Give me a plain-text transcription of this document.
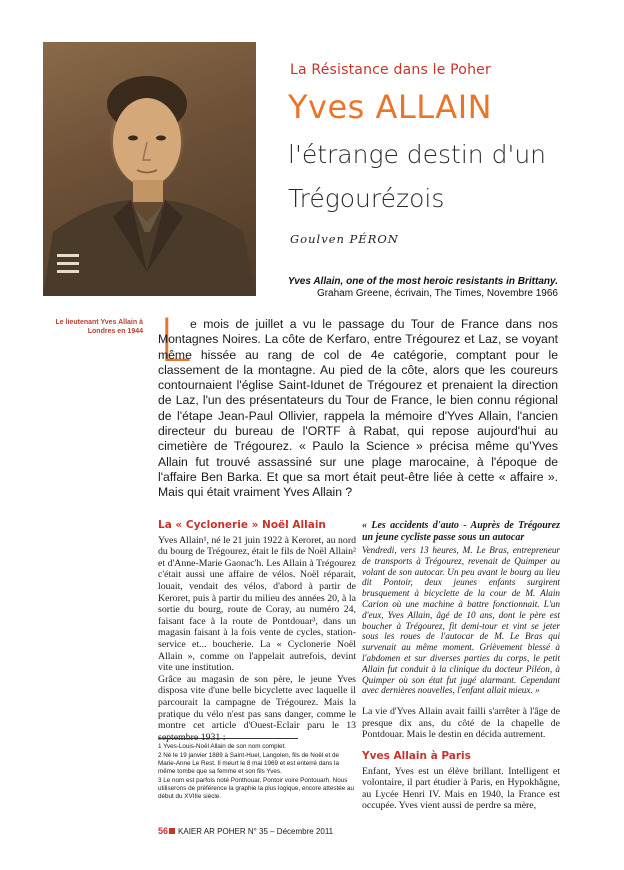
La Résistance dans le Poher
Yves ALLAIN
l'étrange destin d'un
Trégourézois
Goulven PÉRON
Yves Allain, one of the most heroic resistants in Brittany.
Graham Greene, écrivain, The Times, Novembre 1966
Le lieutenant Yves Allain à Londres en 1944 L
e mois de juillet a vu le passage du Tour de France dans nos Montagnes Noires. La côte de Kerfaro, entre Trégourez et Laz, se voyant même hissée au rang de col de 4e catégorie, comptant pour le classement de la montagne. Au pied de la côte, alors que les coureurs contournaient l'église Saint-Idunet de Trégourez et prenaient la direction de Laz, l'un des présentateurs du Tour de France, le bien connu régional de l'étape Jean-Paul Ollivier, rappela la mémoire d'Yves Allain, l'ancien directeur du bureau de l'ORTF à Rabat, qui repose aujourd'hui au cimetière de Trégourez. « Paulo la Science » précisa même qu'Yves Allain fut trouvé assassiné sur une plage marocaine, à l'époque de l'affaire Ben Barka. Et que sa mort était peut-être liée à cette « affaire ». Mais qui était vraiment Yves Allain ?
La « Cyclonerie » Noël Allain
Yves Allain¹, né le 21 juin 1922 à Keroret, au nord du bourg de Trégourez, était le fils de Noël Allain² et d'Anne-Marie Gaonac'h. Les Allain à Trégourez c'était aussi une affaire de vélos. Noël réparait, louait, vendait des vélos, d'abord à partir de Keroret, puis à partir du milieu des années 20, à la sortie du bourg, route de Coray, au numéro 24, faisant face à la route de Pontdouar³, dans un magasin faisant à la fois vente de cycles, station-service et... boucherie. La « Cyclonerie Noël Allain », comme on l'appelait autrefois, devint vite une institution.
Grâce au magasin de son père, le jeune Yves disposa vite d'une belle bicyclette avec laquelle il parcourait la campagne de Trégourez. Mais la pratique du vélo n'est pas sans danger, comme le montre cet article d'Ouest-Eclair paru le 13 septembre 1931 :

1 Yves-Louis-Noël Allain de son nom complet.

2 Né le 19 janvier 1889 à Saint-Huel, Langolen, fils de Noël et de Marie-Anne Le Rest. Il meurt le 8 mai 1969 et est enterré dans la même tombe que sa femme et son fils Yves.

3 Le nom est parfois noté Ponthouar, Pontoir voire Pontouarh. Nous utiliserons de préférence la graphie la plus logique, encore attestée au début du XVIIIe siècle.

« Les accidents d'auto - Auprès de Trégourez un jeune cycliste passe sous un autocar
Vendredi, vers 13 heures, M. Le Bras, entrepreneur de transports à Trégourez, revenait de Quimper au volant de son autocar. Un peu avant le bourg au lieu dit Pontoir, deux jeunes enfants surgirent brusquement à bicyclette de la cour de M. Alain Carion où une machine à battre fonctionnait. L'un d'eux, Yves Allain, âgé de 10 ans, dont le père est boucher à Trégourez, fit demi-tour et vint se jeter sous les roues de l'autocar de M. Le Bras qui survenait au même moment. Grièvement blessé à l'abdomen et sur diverses parties du corps, le petit Allain fut conduit à la clinique du docteur Piléon, à Quimper où son état fut jugé alarmant. Cependant avec dernières nouvelles, l'enfant allait mieux. »
La vie d'Yves Allain avait failli s'arrêter à l'âge de presque dix ans, du côté de la chapelle de Pontdouar. Mais le destin en décida autrement.
Yves Allain à Paris
Enfant, Yves est un élève brillant. Intelligent et volontaire, il part étudier à Paris, en Hypokhâgne, au Lycée Henri IV. Mais en 1940, la France est occupée. Yves vient aussi de perdre sa mère,
56 KAIER AR POHER N° 35 – Décembre 2011
